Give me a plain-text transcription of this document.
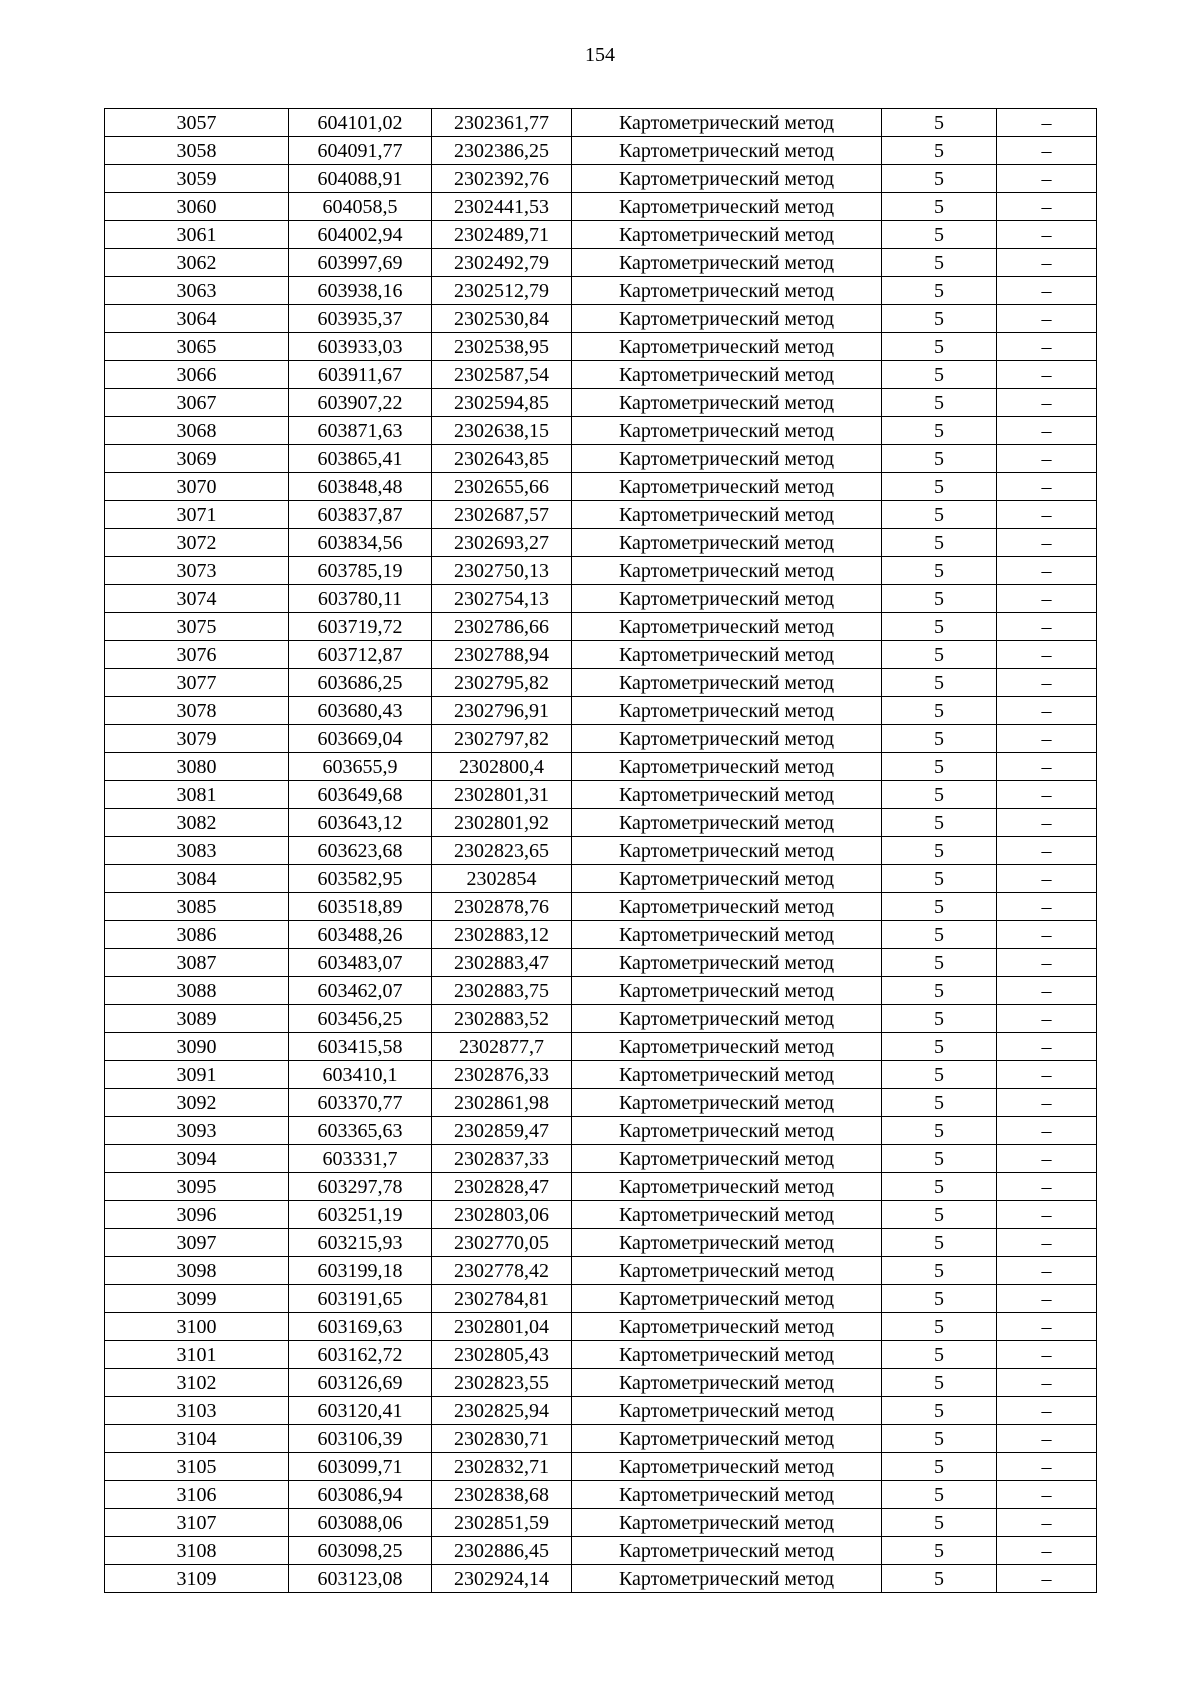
154
3057	604101,02	2302361,77	Картометрический метод	5	–
3058	604091,77	2302386,25	Картометрический метод	5	–
3059	604088,91	2302392,76	Картометрический метод	5	–
3060	604058,5	2302441,53	Картометрический метод	5	–
3061	604002,94	2302489,71	Картометрический метод	5	–
3062	603997,69	2302492,79	Картометрический метод	5	–
3063	603938,16	2302512,79	Картометрический метод	5	–
3064	603935,37	2302530,84	Картометрический метод	5	–
3065	603933,03	2302538,95	Картометрический метод	5	–
3066	603911,67	2302587,54	Картометрический метод	5	–
3067	603907,22	2302594,85	Картометрический метод	5	–
3068	603871,63	2302638,15	Картометрический метод	5	–
3069	603865,41	2302643,85	Картометрический метод	5	–
3070	603848,48	2302655,66	Картометрический метод	5	–
3071	603837,87	2302687,57	Картометрический метод	5	–
3072	603834,56	2302693,27	Картометрический метод	5	–
3073	603785,19	2302750,13	Картометрический метод	5	–
3074	603780,11	2302754,13	Картометрический метод	5	–
3075	603719,72	2302786,66	Картометрический метод	5	–
3076	603712,87	2302788,94	Картометрический метод	5	–
3077	603686,25	2302795,82	Картометрический метод	5	–
3078	603680,43	2302796,91	Картометрический метод	5	–
3079	603669,04	2302797,82	Картометрический метод	5	–
3080	603655,9	2302800,4	Картометрический метод	5	–
3081	603649,68	2302801,31	Картометрический метод	5	–
3082	603643,12	2302801,92	Картометрический метод	5	–
3083	603623,68	2302823,65	Картометрический метод	5	–
3084	603582,95	2302854	Картометрический метод	5	–
3085	603518,89	2302878,76	Картометрический метод	5	–
3086	603488,26	2302883,12	Картометрический метод	5	–
3087	603483,07	2302883,47	Картометрический метод	5	–
3088	603462,07	2302883,75	Картометрический метод	5	–
3089	603456,25	2302883,52	Картометрический метод	5	–
3090	603415,58	2302877,7	Картометрический метод	5	–
3091	603410,1	2302876,33	Картометрический метод	5	–
3092	603370,77	2302861,98	Картометрический метод	5	–
3093	603365,63	2302859,47	Картометрический метод	5	–
3094	603331,7	2302837,33	Картометрический метод	5	–
3095	603297,78	2302828,47	Картометрический метод	5	–
3096	603251,19	2302803,06	Картометрический метод	5	–
3097	603215,93	2302770,05	Картометрический метод	5	–
3098	603199,18	2302778,42	Картометрический метод	5	–
3099	603191,65	2302784,81	Картометрический метод	5	–
3100	603169,63	2302801,04	Картометрический метод	5	–
3101	603162,72	2302805,43	Картометрический метод	5	–
3102	603126,69	2302823,55	Картометрический метод	5	–
3103	603120,41	2302825,94	Картометрический метод	5	–
3104	603106,39	2302830,71	Картометрический метод	5	–
3105	603099,71	2302832,71	Картометрический метод	5	–
3106	603086,94	2302838,68	Картометрический метод	5	–
3107	603088,06	2302851,59	Картометрический метод	5	–
3108	603098,25	2302886,45	Картометрический метод	5	–
3109	603123,08	2302924,14	Картометрический метод	5	–
